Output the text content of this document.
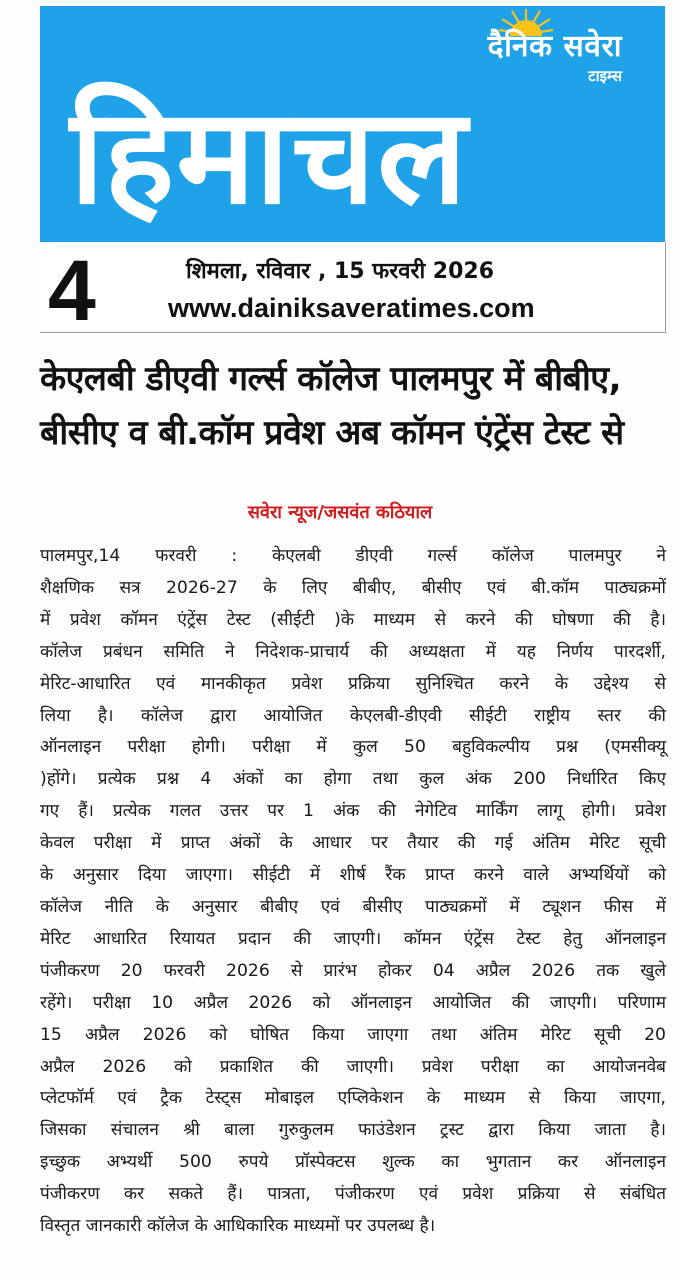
दैनिक सवेरा
टाइम्स
हिमाचल
4	शिमला, रविवार , 15 फरवरी 2026
www.dainiksaveratimes.com
केएलबी डीएवी गर्ल्स कॉलेज पालमपुर में बीबीए,
बीसीए व बी.कॉम प्रवेश अब कॉमन एंट्रेंस टेस्ट से
सवेरा न्यूज/जसवंत कठियाल
पालमपुर,14 फरवरी : केएलबी डीएवी गर्ल्स कॉलेज पालमपुर ने
शैक्षणिक सत्र 2026-27 के लिए बीबीए, बीसीए एवं बी.कॉम पाठ्यक्रमों
में प्रवेश कॉमन एंट्रेंस टेस्ट (सीईटी )के माध्यम से करने की घोषणा की है।
कॉलेज प्रबंधन समिति ने निदेशक-प्राचार्य की अध्यक्षता में यह निर्णय पारदर्शी,
मेरिट-आधारित एवं मानकीकृत प्रवेश प्रक्रिया सुनिश्चित करने के उद्देश्य से
लिया है। कॉलेज द्वारा आयोजित केएलबी-डीएवी सीईटी राष्ट्रीय स्तर की
ऑनलाइन परीक्षा होगी। परीक्षा में कुल 50 बहुविकल्पीय प्रश्न (एमसीक्यू
)होंगे। प्रत्येक प्रश्न 4 अंकों का होगा तथा कुल अंक 200 निर्धारित किए
गए हैं। प्रत्येक गलत उत्तर पर 1 अंक की नेगेटिव मार्किंग लागू होगी। प्रवेश
केवल परीक्षा में प्राप्त अंकों के आधार पर तैयार की गई अंतिम मेरिट सूची
के अनुसार दिया जाएगा। सीईटी में शीर्ष रैंक प्राप्त करने वाले अभ्यर्थियों को
कॉलेज नीति के अनुसार बीबीए एवं बीसीए पाठ्यक्रमों में ट्यूशन फीस में
मेरिट आधारित रियायत प्रदान की जाएगी। कॉमन एंट्रेंस टेस्ट हेतु ऑनलाइन
पंजीकरण 20 फरवरी 2026 से प्रारंभ होकर 04 अप्रैल 2026 तक खुले
रहेंगे। परीक्षा 10 अप्रैल 2026 को ऑनलाइन आयोजित की जाएगी। परिणाम
15 अप्रैल 2026 को घोषित किया जाएगा तथा अंतिम मेरिट सूची 20
अप्रैल 2026 को प्रकाशित की जाएगी। प्रवेश परीक्षा का आयोजनवेब
प्लेटफॉर्म एवं ट्रैक टेस्ट्स मोबाइल एप्लिकेशन के माध्यम से किया जाएगा,
जिसका संचालन श्री बाला गुरुकुलम फाउंडेशन ट्रस्ट द्वारा किया जाता है।
इच्छुक अभ्यर्थी 500 रुपये प्रॉस्पेक्टस शुल्क का भुगतान कर ऑनलाइन
पंजीकरण कर सकते हैं। पात्रता, पंजीकरण एवं प्रवेश प्रक्रिया से संबंधित
विस्तृत जानकारी कॉलेज के आधिकारिक माध्यमों पर उपलब्ध है।
